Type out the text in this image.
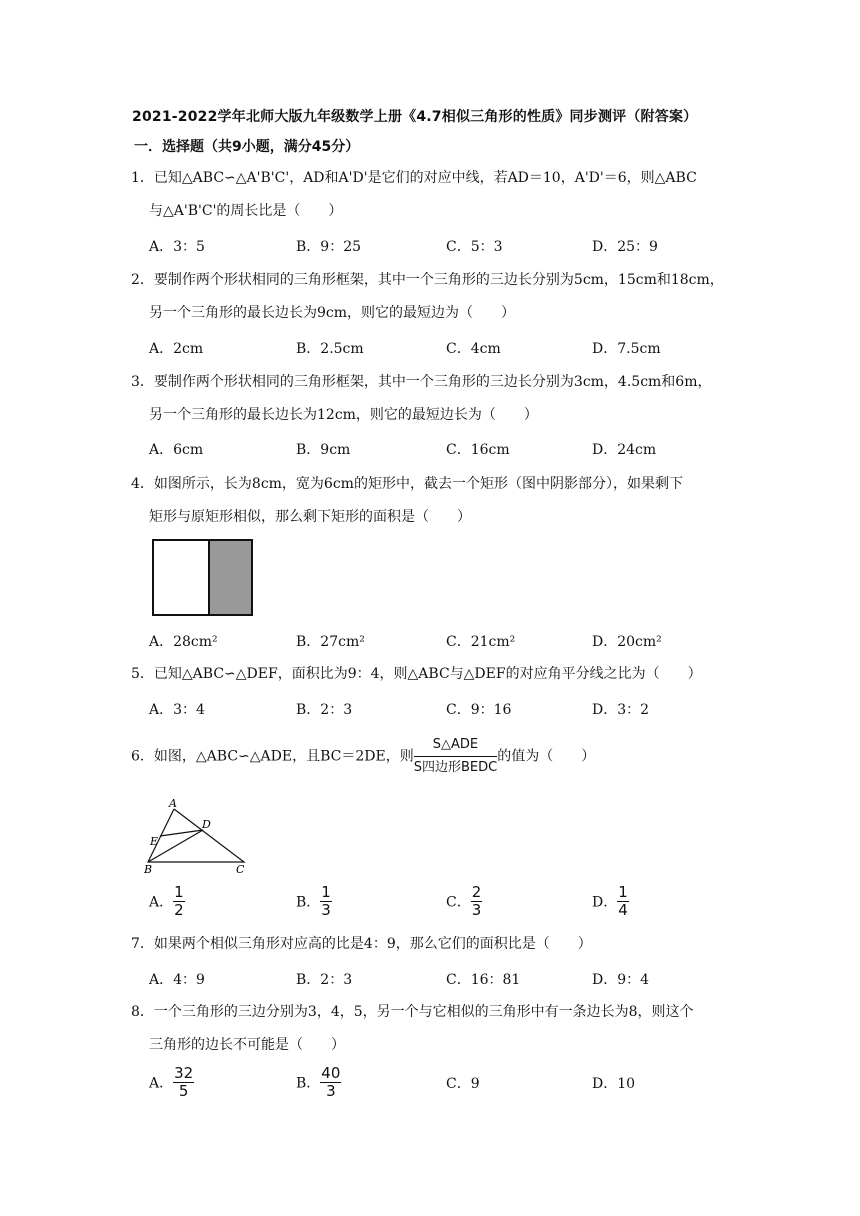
2021-2022学年北师大版九年级数学上册《4.7相似三角形的性质》同步测评（附答案）
一．选择题（共9小题，满分45分）
1．已知△ABC∽△A'B'C'，AD和A'D'是它们的对应中线，若AD＝10，A'D'＝6，则△ABC
与△A'B'C'的周长比是（　　）
A．3：5	B．9：25	C．5：3	D．25：9
2．要制作两个形状相同的三角形框架，其中一个三角形的三边长分别为5cm，15cm和18cm，
另一个三角形的最长边长为9cm，则它的最短边为（　　）
A．2cm	B．2.5cm	C．4cm	D．7.5cm
3．要制作两个形状相同的三角形框架，其中一个三角形的三边长分别为3cm，4.5cm和6m，
另一个三角形的最长边长为12cm，则它的最短边长为（　　）
A．6cm	B．9cm	C．16cm	D．24cm
4．如图所示，长为8cm，宽为6cm的矩形中，截去一个矩形（图中阴影部分），如果剩下
矩形与原矩形相似，那么剩下矩形的面积是（　　）
A．28cm²	B．27cm²	C．21cm²	D．20cm²
5．已知△ABC∽△DEF，面积比为9：4，则△ABC与△DEF的对应角平分线之比为（　　）
A．3：4	B．2：3	C．9：16	D．3：2
6．如图，△ABC∽△ADE，且BC＝2DE，则
S△ADE
S四边形BEDC
的值为（　　）
A
D
E
B	C
A． $\frac{1}{2}$	B． $\frac{1}{3}$	C． $\frac{2}{3}$	D． $\frac{1}{4}$
7．如果两个相似三角形对应高的比是4：9，那么它们的面积比是（　　）
A．4：9	B．2：3	C．16：81	D．9：4
8．一个三角形的三边分别为3，4，5，另一个与它相似的三角形中有一条边长为8，则这个
三角形的边长不可能是（　　）
A． $\frac{32}{5}$	B． $\frac{40}{3}$	C．9	D．10
